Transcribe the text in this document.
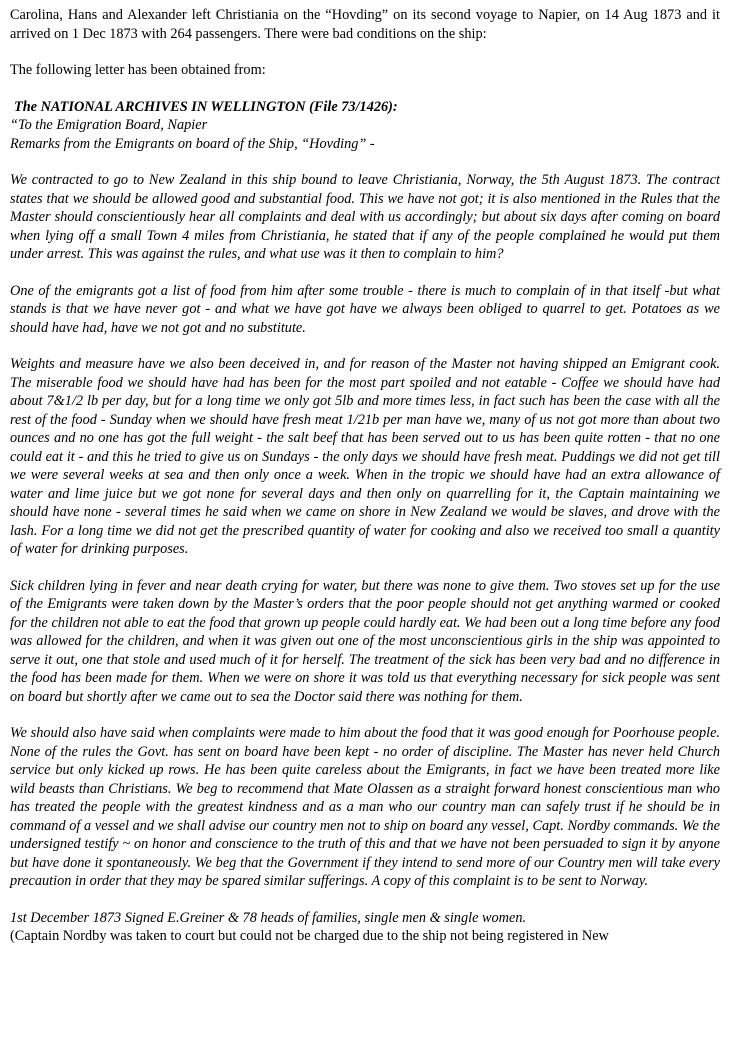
Carolina, Hans and Alexander left Christiania on the “Hovding” on its second voyage to Napier, on 14 Aug 1873 and it arrived on 1 Dec 1873 with 264 passengers. There were bad conditions on the ship:

The following letter has been obtained from:

The NATIONAL ARCHIVES IN WELLINGTON (File 73/1426):

“To the Emigration Board, Napier

Remarks from the Emigrants on board of the Ship, “Hovding” -

We contracted to go to New Zealand in this ship bound to leave Christiania, Norway, the 5th August 1873. The contract states that we should be allowed good and substantial food. This we have not got; it is also mentioned in the Rules that the Master should conscientiously hear all complaints and deal with us accordingly; but about six days after coming on board when lying off a small Town 4 miles from Christiania, he stated that if any of the people complained he would put them under arrest. This was against the rules, and what use was it then to complain to him?

One of the emigrants got a list of food from him after some trouble - there is much to complain of in that itself -but what stands is that we have never got - and what we have got have we always been obliged to quarrel to get. Potatoes as we should have had, have we not got and no substitute.

Weights and measure have we also been deceived in, and for reason of the Master not having shipped an Emigrant cook. The miserable food we should have had has been for the most part spoiled and not eatable - Coffee we should have had about 7&1/2 lb per day, but for a long time we only got 5lb and more times less, in fact such has been the case with all the rest of the food - Sunday when we should have fresh meat 1/21b per man have we, many of us not got more than about two ounces and no one has got the full weight - the salt beef that has been served out to us has been quite rotten - that no one could eat it - and this he tried to give us on Sundays - the only days we should have fresh meat. Puddings we did not get till we were several weeks at sea and then only once a week. When in the tropic we should have had an extra allowance of water and lime juice but we got none for several days and then only on quarrelling for it, the Captain maintaining we should have none - several times he said when we came on shore in New Zealand we would be slaves, and drove with the lash. For a long time we did not get the prescribed quantity of water for cooking and also we received too small a quantity of water for drinking purposes.

Sick children lying in fever and near death crying for water, but there was none to give them. Two stoves set up for the use of the Emigrants were taken down by the Master’s orders that the poor people should not get anything warmed or cooked for the children not able to eat the food that grown up people could hardly eat. We had been out a long time before any food was allowed for the children, and when it was given out one of the most unconscientious girls in the ship was appointed to serve it out, one that stole and used much of it for herself. The treatment of the sick has been very bad and no difference in the food has been made for them. When we were on shore it was told us that everything necessary for sick people was sent on board but shortly after we came out to sea the Doctor said there was nothing for them.

We should also have said when complaints were made to him about the food that it was good enough for Poorhouse people. None of the rules the Govt. has sent on board have been kept - no order of discipline. The Master has never held Church service but only kicked up rows. He has been quite careless about the Emigrants, in fact we have been treated more like wild beasts than Christians. We beg to recommend that Mate Olassen as a straight forward honest conscientious man who has treated the people with the greatest kindness and as a man who our country man can safely trust if he should be in command of a vessel and we shall advise our country men not to ship on board any vessel, Capt. Nordby commands. We the undersigned testify ~ on honor and conscience to the truth of this and that we have not been persuaded to sign it by anyone but have done it spontaneously. We beg that the Government if they intend to send more of our Country men will take every precaution in order that they may be spared similar sufferings. A copy of this complaint is to be sent to Norway.

1st December 1873 Signed E.Greiner & 78 heads of families, single men & single women.

(Captain Nordby was taken to court but could not be charged due to the ship not being registered in New
